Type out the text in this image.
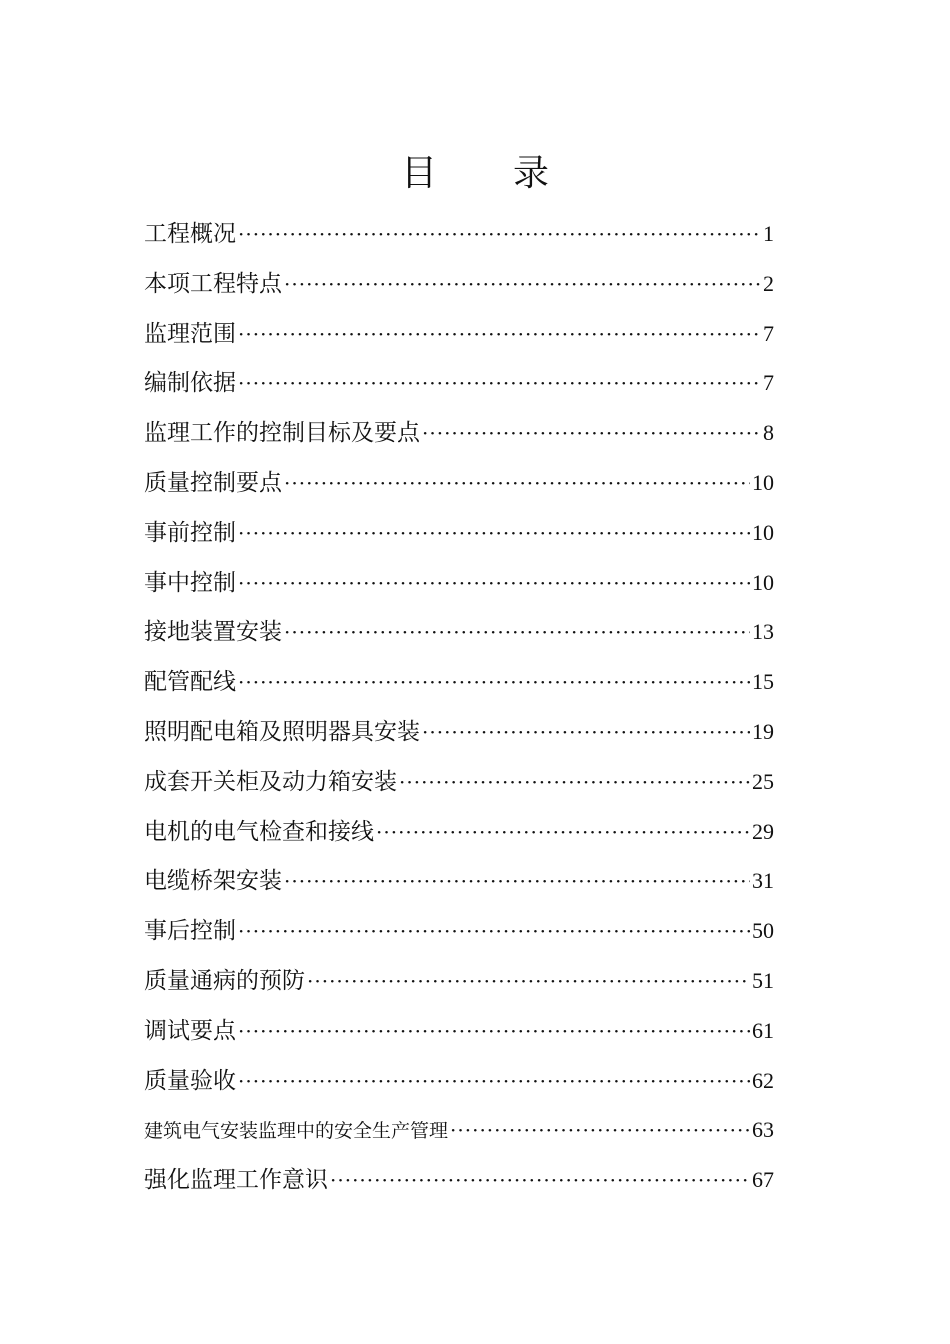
目录
工程概况 ·····	1
本项工程特点 ·····	2
监理范围 ·····	7
编制依据 ·····	7
监理工作的控制目标及要点 ·····	8
质量控制要点 ·····	10
事前控制 ·····	10
事中控制 ·····	10
接地装置安装 ·····	13
配管配线 ·····	15
照明配电箱及照明器具安装 ·····	19
成套开关柜及动力箱安装 ·····	25
电机的电气检查和接线 ·····	29
电缆桥架安装 ·····	31
事后控制 ·····	50
质量通病的预防 ·····	51
调试要点 ·····	61
质量验收 ·····	62
建筑电气安装监理中的安全生产管理 ·····	63
强化监理工作意识 ·····	67
